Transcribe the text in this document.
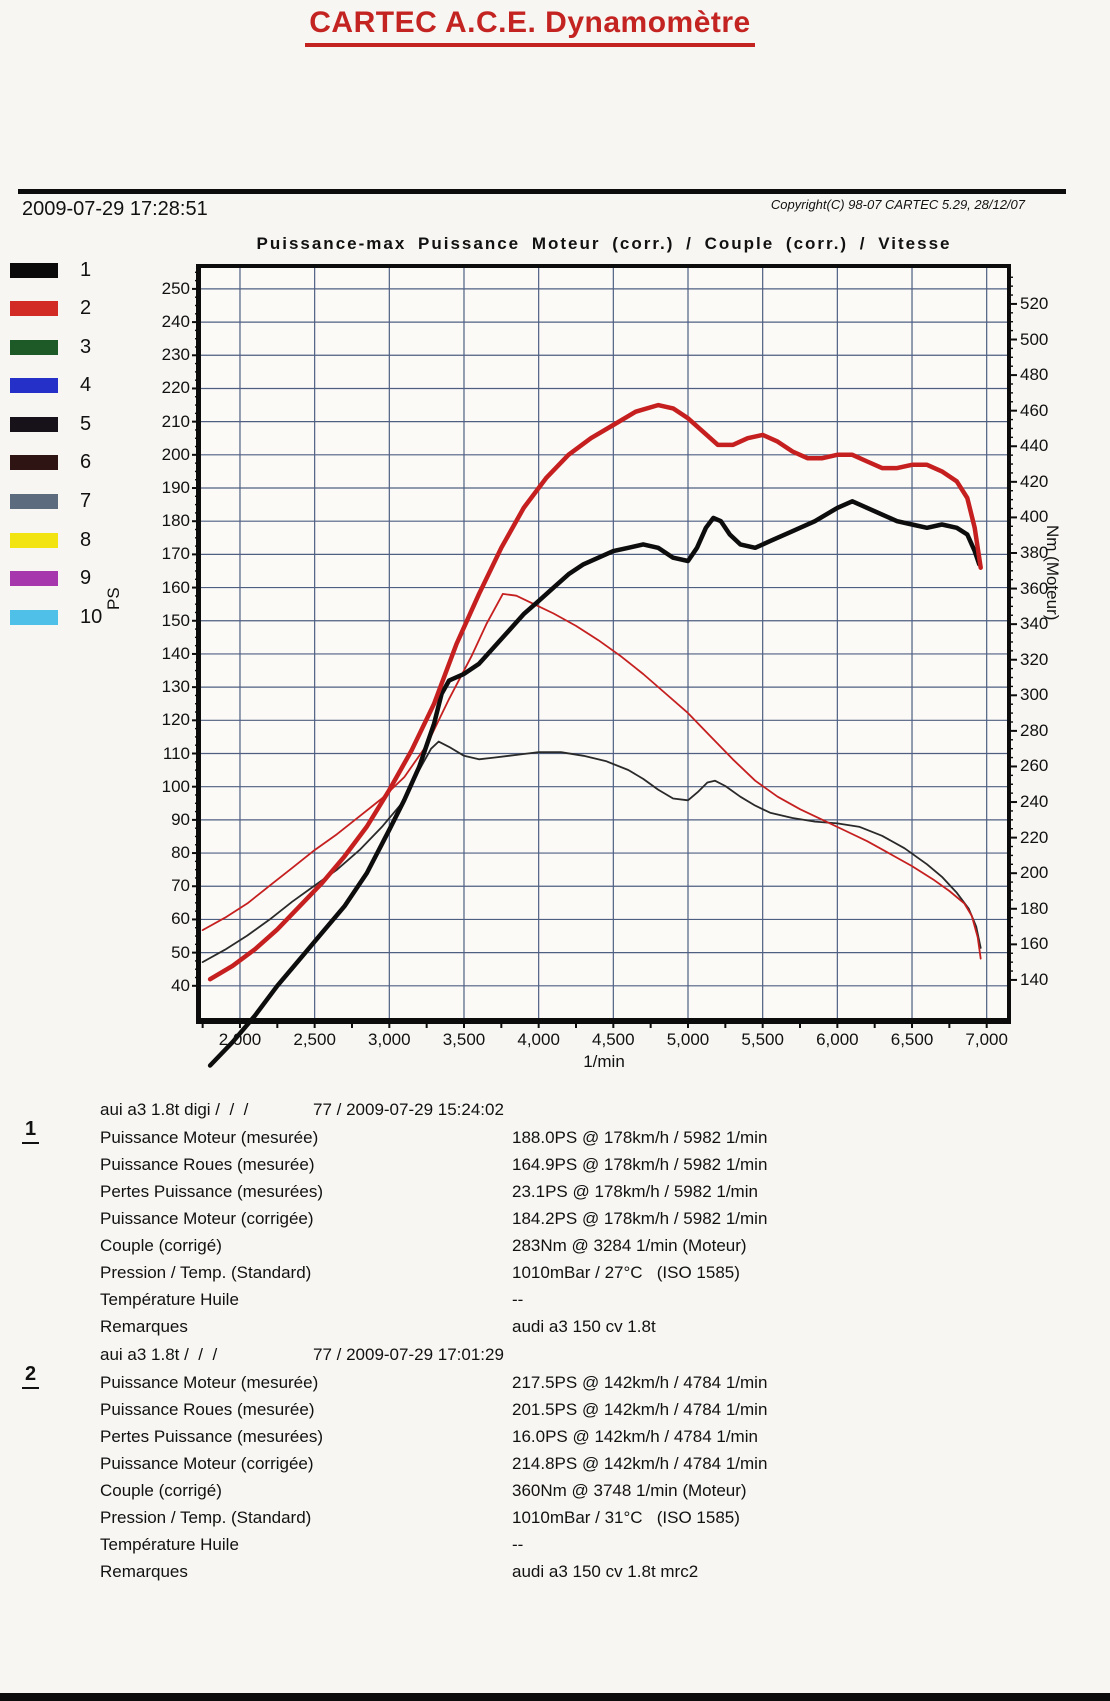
CARTEC A.C.E. Dynamomètre
2009-07-29 17:28:51	Copyright(C) 98-07 CARTEC 5.29, 28/12/07
Puissance-max Puissance Moteur (corr.) / Couple (corr.) / Vitesse
1
2
3
4
5
6
7
8
9
10
250
240
230
220
210
200
190
180
170
160
150
140
130
120
110
100
90
80
70
60
50
40
520
500
480
460
440
420
400
380
360
340
320
300
280
260
240
220
200
180
160
140
2,000	2,500	3,000	3,500	4,000	4,500	5,000	5,500	6,000	6,500	7,000
PS	Nm (Moteur)
1/min
1
aui a3 1.8t digi /  /  /	77 / 2009-07-29 15:24:02
Puissance Moteur (mesurée)	188.0PS @ 178km/h / 5982 1/min
Puissance Roues (mesurée)	164.9PS @ 178km/h / 5982 1/min
Pertes Puissance (mesurées)	23.1PS @ 178km/h / 5982 1/min
Puissance Moteur (corrigée)	184.2PS @ 178km/h / 5982 1/min
Couple (corrigé)	283Nm @ 3284 1/min (Moteur)
Pression / Temp. (Standard)	1010mBar / 27°C   (ISO 1585)
Température Huile	--
Remarques	audi a3 150 cv 1.8t
2
aui a3 1.8t /  /  /	77 / 2009-07-29 17:01:29
Puissance Moteur (mesurée)	217.5PS @ 142km/h / 4784 1/min
Puissance Roues (mesurée)	201.5PS @ 142km/h / 4784 1/min
Pertes Puissance (mesurées)	16.0PS @ 142km/h / 4784 1/min
Puissance Moteur (corrigée)	214.8PS @ 142km/h / 4784 1/min
Couple (corrigé)	360Nm @ 3748 1/min (Moteur)
Pression / Temp. (Standard)	1010mBar / 31°C   (ISO 1585)
Température Huile	--
Remarques	audi a3 150 cv 1.8t mrc2
